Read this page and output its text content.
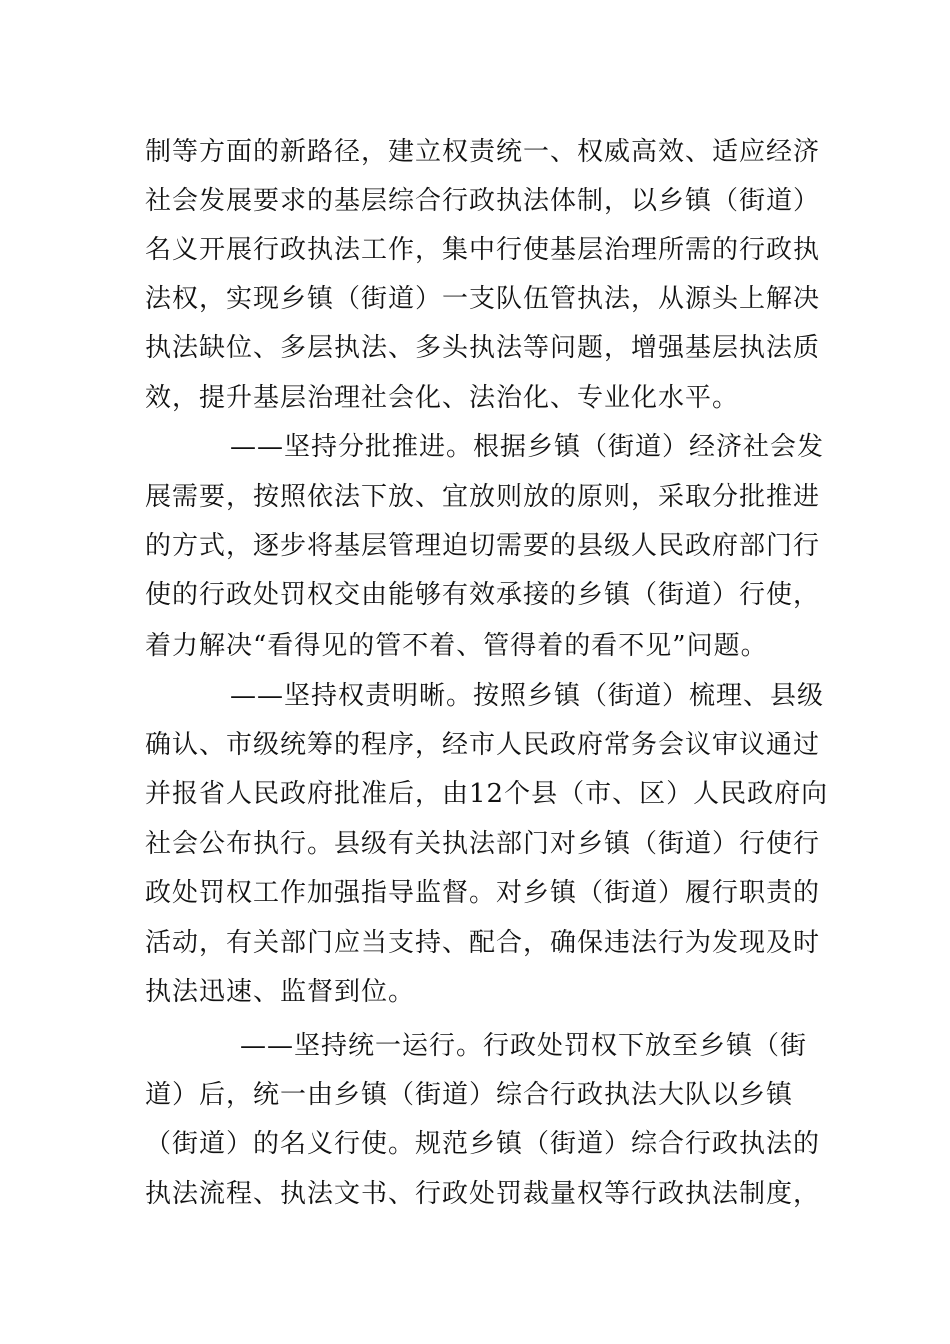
制等方面的新路径，建立权责统一、权威高效、适应经济
社会发展要求的基层综合行政执法体制，以乡镇（街道）
名义开展行政执法工作，集中行使基层治理所需的行政执
法权，实现乡镇（街道）一支队伍管执法，从源头上解决
执法缺位、多层执法、多头执法等问题，增强基层执法质
效，提升基层治理社会化、法治化、专业化水平。
——坚持分批推进。根据乡镇（街道）经济社会发
展需要，按照依法下放、宜放则放的原则，采取分批推进
的方式，逐步将基层管理迫切需要的县级人民政府部门行
使的行政处罚权交由能够有效承接的乡镇（街道）行使，
着力解决“看得见的管不着、管得着的看不见”问题。
——坚持权责明晰。按照乡镇（街道）梳理、县级
确认、市级统筹的程序，经市人民政府常务会议审议通过
并报省人民政府批准后，由12个县（市、区）人民政府向
社会公布执行。县级有关执法部门对乡镇（街道）行使行
政处罚权工作加强指导监督。对乡镇（街道）履行职责的
活动，有关部门应当支持、配合，确保违法行为发现及时
执法迅速、监督到位。
——坚持统一运行。行政处罚权下放至乡镇（街
道）后，统一由乡镇（街道）综合行政执法大队以乡镇
（街道）的名义行使。规范乡镇（街道）综合行政执法的
执法流程、执法文书、行政处罚裁量权等行政执法制度，
